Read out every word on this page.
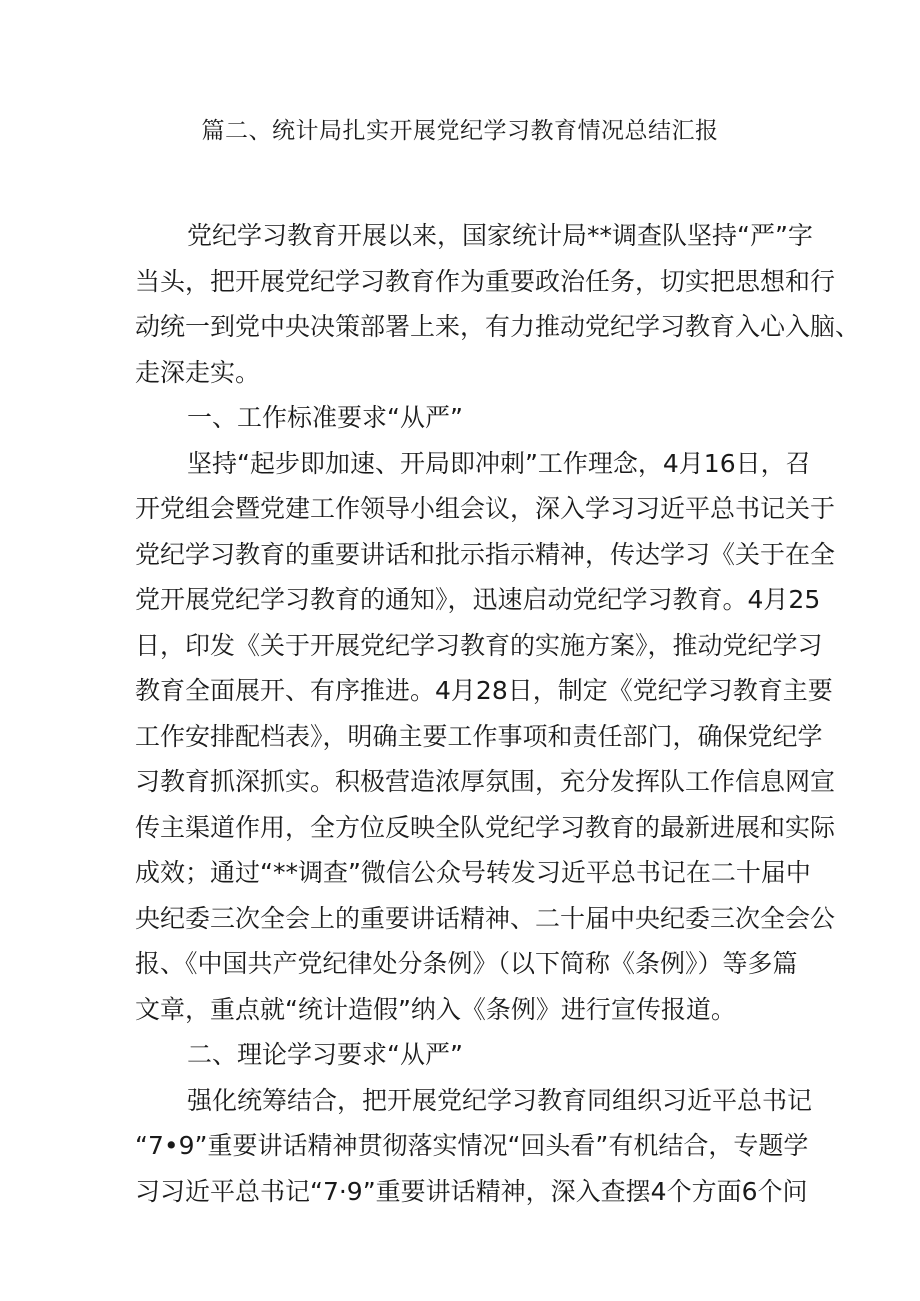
篇二、统计局扎实开展党纪学习教育情况总结汇报
党纪学习教育开展以来，国家统计局**调查队坚持“严”字
当头，把开展党纪学习教育作为重要政治任务，切实把思想和行
动统一到党中央决策部署上来，有力推动党纪学习教育入心入脑、
走深走实。
一、工作标准要求“从严”
坚持“起步即加速、开局即冲刺”工作理念，4月16日，召
开党组会暨党建工作领导小组会议，深入学习习近平总书记关于
党纪学习教育的重要讲话和批示指示精神，传达学习《关于在全
党开展党纪学习教育的通知》，迅速启动党纪学习教育。4月25
日，印发《关于开展党纪学习教育的实施方案》，推动党纪学习
教育全面展开、有序推进。4月28日，制定《党纪学习教育主要
工作安排配档表》，明确主要工作事项和责任部门，确保党纪学
习教育抓深抓实。积极营造浓厚氛围，充分发挥队工作信息网宣
传主渠道作用，全方位反映全队党纪学习教育的最新进展和实际
成效；通过“**调查”微信公众号转发习近平总书记在二十届中
央纪委三次全会上的重要讲话精神、二十届中央纪委三次全会公
报、《中国共产党纪律处分条例》（以下简称《条例》）等多篇
文章，重点就“统计造假”纳入《条例》进行宣传报道。
二、理论学习要求“从严”
强化统筹结合，把开展党纪学习教育同组织习近平总书记
“7•9”重要讲话精神贯彻落实情况“回头看”有机结合，专题学
习习近平总书记“7·9”重要讲话精神，深入查摆4个方面6个问
